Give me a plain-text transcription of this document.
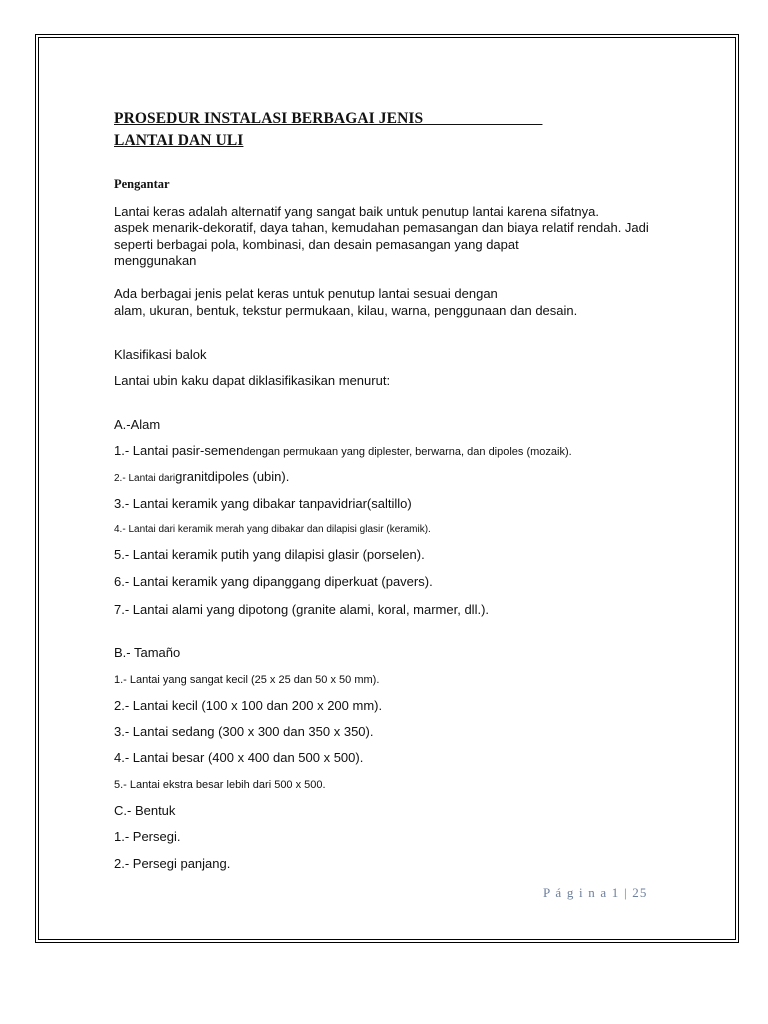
PROSEDUR INSTALASI BERBAGAI JENIS
LANTAI DAN ULI
Pengantar
Lantai keras adalah alternatif yang sangat baik untuk penutup lantai karena sifatnya.
aspek menarik-dekoratif, daya tahan, kemudahan pemasangan dan biaya relatif rendah. Jadi
seperti berbagai pola, kombinasi, dan desain pemasangan yang dapat
menggunakan
Ada berbagai jenis pelat keras untuk penutup lantai sesuai dengan
alam, ukuran, bentuk, tekstur permukaan, kilau, warna, penggunaan dan desain.
Klasifikasi balok
Lantai ubin kaku dapat diklasifikasikan menurut:
A.-Alam
1.- Lantai pasir-semendengan permukaan yang diplester, berwarna, dan dipoles (mozaik).
2.- Lantai darigranitdipoles (ubin).
3.- Lantai keramik yang dibakar tanpavidriar(saltillo)
4.- Lantai dari keramik merah yang dibakar dan dilapisi glasir (keramik).
5.- Lantai keramik putih yang dilapisi glasir (porselen).
6.- Lantai keramik yang dipanggang diperkuat (pavers).
7.- Lantai alami yang dipotong (granite alami, koral, marmer, dll.).
B.- Tamaño
1.- Lantai yang sangat kecil (25 x 25 dan 50 x 50 mm).
2.- Lantai kecil (100 x 100 dan 200 x 200 mm).
3.- Lantai sedang (300 x 300 dan 350 x 350).
4.- Lantai besar (400 x 400 dan 500 x 500).
5.- Lantai ekstra besar lebih dari 500 x 500.
C.- Bentuk
1.- Persegi.
2.- Persegi panjang.
P á g i n a 1 | 25
